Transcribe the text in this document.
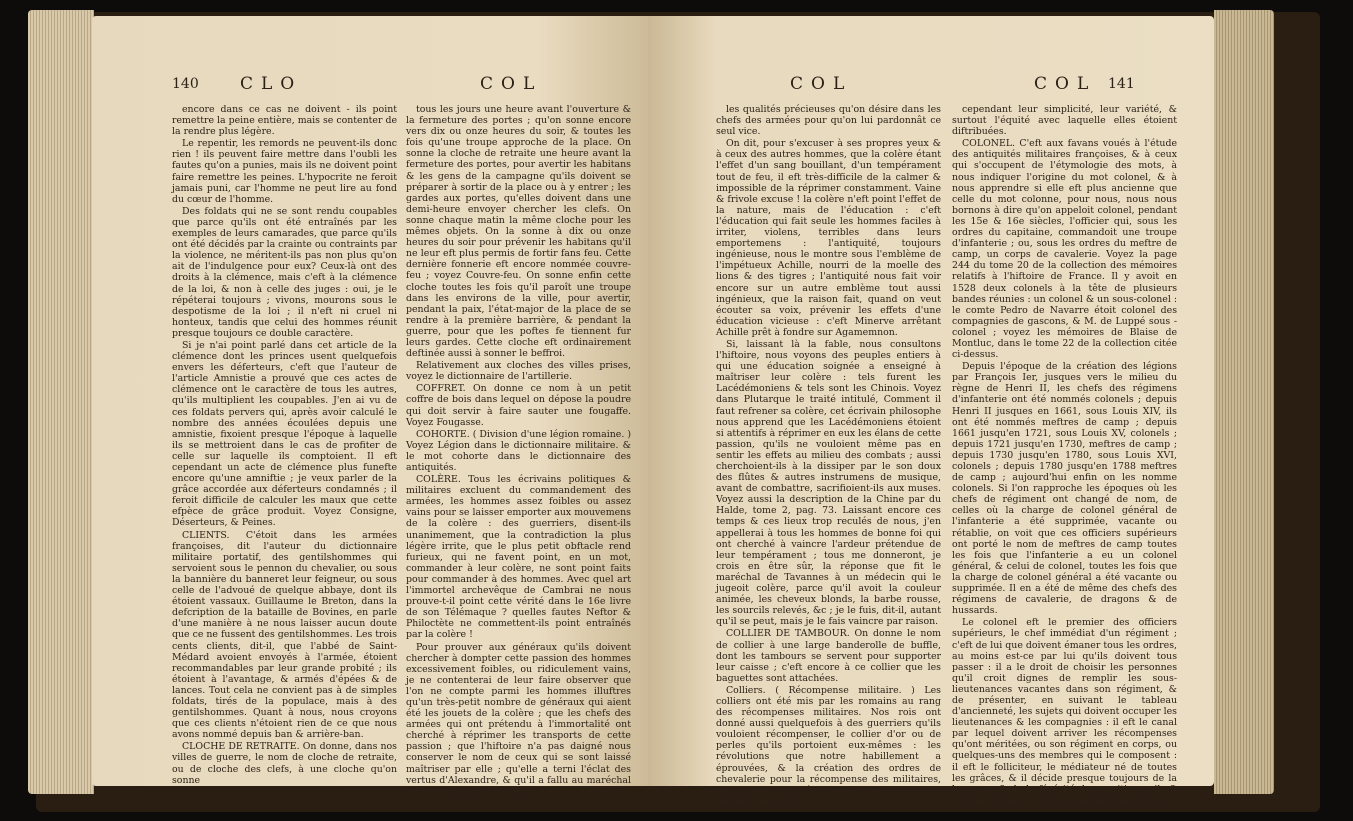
140 CLO	COL

encore dans ce cas ne doivent - ils point remettre la peine entière, mais se contenter de la rendre plus légère.

Le repentir, les remords ne peuvent-ils donc rien ! ils peuvent faire mettre dans l'oubli les fautes qu'on a punies, mais ils ne doivent point faire remettre les peines. L'hypocrite ne feroit jamais puni, car l'homme ne peut lire au fond du cœur de l'homme.

Des foldats qui ne se sont rendu coupables que parce qu'ils ont été entraînés par les exemples de leurs camarades, que parce qu'ils ont été décidés par la crainte ou contraints par la violence, ne méritent-ils pas non plus qu'on ait de l'indulgence pour eux? Ceux-là ont des droits à la clémence, mais c'eft à la clémence de la loi, & non à celle des juges : oui, je le répéterai toujours ; vivons, mourons sous le despotisme de la loi ; il n'eft ni cruel ni honteux, tandis que celui des hommes réunit presque toujours ce double caractère.

Si je n'ai point parlé dans cet article de la clémence dont les princes usent quelquefois envers les déferteurs, c'eft que l'auteur de l'article Amnistie a prouvé que ces actes de clémence ont le caractère de tous les autres, qu'ils multiplient les coupables. J'en ai vu de ces foldats pervers qui, après avoir calculé le nombre des années écoulées depuis une amnistie, fixoient presque l'époque à laquelle ils se mettroient dans le cas de profiter de celle sur laquelle ils comptoient. Il eft cependant un acte de clémence plus funefte encore qu'une amniftie ; je veux parler de la grâce accordée aux déferteurs condamnés ; il feroit difficile de calculer les maux que cette efpèce de grâce produit. Voyez Consigne, Déserteurs, & Peines.

CLIENTS. C'étoit dans les armées françoises, dit l'auteur du dictionnaire militaire portatif, des gentilshommes qui servoient sous le pennon du chevalier, ou sous la bannière du banneret leur feigneur, ou sous celle de l'advoué de quelque abbaye, dont ils étoient vassaux. Guillaume le Breton, dans la defcription de la bataille de Bovines, en parle d'une manière à ne nous laisser aucun doute que ce ne fussent des gentilshommes. Les trois cents clients, dit-il, que l'abbé de Saint-Médard avoient envoyés à l'armée, étoient recommandables par leur grande probité ; ils étoient à l'avantage, & armés d'épées & de lances. Tout cela ne convient pas à de simples foldats, tirés de la populace, mais à des gentilshommes. Quant à nous, nous croyons que ces clients n'étoient rien de ce que nous avons nommé depuis ban & arrière-ban.

CLOCHE DE RETRAITE. On donne, dans nos villes de guerre, le nom de cloche de retraite, ou de cloche des clefs, à une cloche qu'on sonne

tous les jours une heure avant l'ouverture & la fermeture des portes ; qu'on sonne encore vers dix ou onze heures du soir, & toutes les fois qu'une troupe approche de la place. On sonne la cloche de retraite une heure avant la fermeture des portes, pour avertir les habitans & les gens de la campagne qu'ils doivent se préparer à sortir de la place ou à y entrer ; les gardes aux portes, qu'elles doivent dans une demi-heure envoyer chercher les clefs. On sonne chaque matin la même cloche pour les mêmes objets. On la sonne à dix ou onze heures du soir pour prévenir les habitans qu'il ne leur eft plus permis de fortir fans feu. Cette dernière fonnerie eft encore nommée couvre-feu ; voyez Couvre-feu. On sonne enfin cette cloche toutes les fois qu'il paroît une troupe dans les environs de la ville, pour avertir, pendant la paix, l'état-major de la place de se rendre à la première barrière, & pendant la guerre, pour que les poftes fe tiennent fur leurs gardes. Cette cloche eft ordinairement deftinée aussi à sonner le beffroi.

Relativement aux cloches des villes prises, voyez le dictionnaire de l'artillerie.

COFFRET. On donne ce nom à un petit coffre de bois dans lequel on dépose la poudre qui doit servir à faire sauter une fougaffe. Voyez Fougasse.

COHORTE. ( Division d'une légion romaine. ) Voyez Légion dans le dictionnaire militaire. & le mot cohorte dans le dictionnaire des antiquités.

COLÈRE. Tous les écrivains politiques & militaires excluent du commandement des armées, les hommes assez foibles ou assez vains pour se laisser emporter aux mouvemens de la colère : des guerriers, disent-ils unanimement, que la contradiction la plus légère irrite, que le plus petit obftacle rend furieux, qui ne favent point, en un mot, commander à leur colère, ne sont point faits pour commander à des hommes. Avec quel art l'immortel archevêque de Cambrai ne nous prouve-t-il point cette vérité dans le 16e livre de son Télémaque ? quelles fautes Neftor & Philoctète ne commettent-ils point entraînés par la colère !

Pour prouver aux généraux qu'ils doivent chercher à dompter cette passion des hommes excessivement foibles, ou ridiculement vains, je ne contenterai de leur faire observer que l'on ne compte parmi les hommes illuftres qu'un très-petit nombre de généraux qui aient été les jouets de la colère ; que les chefs des armées qui ont prétendu à l'immortalité ont cherché à réprimer les transports de cette passion ; que l'hiftoire n'a pas daigné nous conserver le nom de ceux qui se sont laissé maîtriser par elle ; qu'elle a terni l'éclat des vertus d'Alexandre, & qu'il a fallu au maréchal de Toiras presque toutes

COL	COL 141

les qualités précieuses qu'on désire dans les chefs des armées pour qu'on lui pardonnât ce seul vice.

On dit, pour s'excuser à ses propres yeux & à ceux des autres hommes, que la colère étant l'effet d'un sang bouillant, d'un tempérament tout de feu, il eft très-difficile de la calmer & impossible de la réprimer constamment. Vaine & frivole excuse ! la colère n'eft point l'effet de la nature, mais de l'éducation : c'eft l'éducation qui fait seule les hommes faciles à irriter, violens, terribles dans leurs emportemens : l'antiquité, toujours ingénieuse, nous le montre sous l'emblème de l'impétueux Achille, nourri de la moelle des lions & des tigres ; l'antiquité nous fait voir encore sur un autre emblème tout aussi ingénieux, que la raison fait, quand on veut écouter sa voix, prévenir les effets d'une éducation vicieuse : c'eft Minerve arrêtant Achille prêt à fondre sur Agamemnon.

Si, laissant là la fable, nous consultons l'hiftoire, nous voyons des peuples entiers à qui une éducation soignée a enseigné à maîtriser leur colère : tels furent les Lacédémoniens & tels sont les Chinois. Voyez dans Plutarque le traité intitulé, Comment il faut refrener sa colère, cet écrivain philosophe nous apprend que les Lacédémoniens étoient si attentifs à réprimer en eux les élans de cette passion, qu'ils ne vouloient même pas en sentir les effets au milieu des combats ; aussi cherchoient-ils à la dissiper par le son doux des flûtes & autres instrumens de musique, avant de combattre, sacrifioient-ils aux muses. Voyez aussi la description de la Chine par du Halde, tome 2, pag. 73. Laissant encore ces temps & ces lieux trop reculés de nous, j'en appellerai à tous les hommes de bonne foi qui ont cherché à vaincre l'ardeur prétendue de leur tempérament ; tous me donneront, je crois en être sûr, la réponse que fit le maréchal de Tavannes à un médecin qui le jugeoit colère, parce qu'il avoit la couleur animée, les cheveux blonds, la barbe rousse, les sourcils relevés, &c ; je le fuis, dit-il, autant qu'il se peut, mais je le fais vaincre par raison.

COLLIER DE TAMBOUR. On donne le nom de collier à une large banderolle de buffle, dont les tambours se servent pour supporter leur caisse ; c'eft encore à ce collier que les baguettes sont attachées.

Colliers. ( Récompense militaire. ) Les colliers ont été mis par les romains au rang des récompenses militaires. Nos rois ont donné aussi quelquefois à des guerriers qu'ils vouloient récompenser, le collier d'or ou de perles qu'ils portoient eux-mêmes : les révolutions que notre habillement a éprouvées, & la création des ordres de chevalerie pour la récompense des militaires, ont rendu les récompenses de ce genre inutiles ; on aime

cependant leur simplicité, leur variété, & surtout l'équité avec laquelle elles étoient diftribuées.

COLONEL. C'eft aux favans voués à l'étude des antiquités militaires françoises, & à ceux qui s'occupent de l'étymologie des mots, à nous indiquer l'origine du mot colonel, & à nous apprendre si elle eft plus ancienne que celle du mot colonne, pour nous, nous nous bornons à dire qu'on appeloit colonel, pendant les 15e & 16e siècles, l'officier qui, sous les ordres du capitaine, commandoit une troupe d'infanterie ; ou, sous les ordres du meftre de camp, un corps de cavalerie. Voyez la page 244 du tome 20 de la collection des mémoires relatifs à l'hiftoire de France. Il y avoit en 1528 deux colonels à la tête de plusieurs bandes réunies : un colonel & un sous-colonel : le comte Pedro de Navarre étoit colonel des compagnies de gascons, & M. de Luppé sous - colonel ; voyez les mémoires de Blaise de Montluc, dans le tome 22 de la collection citée ci-dessus.

Depuis l'époque de la création des légions par François Ier, jusques vers le milieu du règne de Henri II, les chefs des régimens d'infanterie ont été nommés colonels ; depuis Henri II jusques en 1661, sous Louis XIV, ils ont été nommés meftres de camp ; depuis 1661 jusqu'en 1721, sous Louis XV, colonels ; depuis 1721 jusqu'en 1730, meftres de camp ; depuis 1730 jusqu'en 1780, sous Louis XVI, colonels ; depuis 1780 jusqu'en 1788 meftres de camp ; aujourd'hui enfin on les nomme colonels. Si l'on rapproche les époques où les chefs de régiment ont changé de nom, de celles où la charge de colonel général de l'infanterie a été supprimée, vacante ou rétablie, on voit que ces officiers supérieurs ont porté le nom de meftres de camp toutes les fois que l'infanterie a eu un colonel général, & celui de colonel, toutes les fois que la charge de colonel général a été vacante ou supprimée. Il en a été de même des chefs des régimens de cavalerie, de dragons & de hussards.

Le colonel eft le premier des officiers supérieurs, le chef immédiat d'un régiment ; c'eft de lui que doivent émaner tous les ordres, au moins est-ce par lui qu'ils doivent tous passer : il a le droit de choisir les personnes qu'il croit dignes de remplir les sous-lieutenances vacantes dans son régiment, & de présenter, en suivant le tableau d'ancienneté, les sujets qui doivent occuper les lieutenances & les compagnies : il eft le canal par lequel doivent arriver les récompenses qu'ont méritées, ou son régiment en corps, ou quelques-uns des membres qui le composent : il eft le folliciteur, le médiateur né de toutes les grâces, & il décide presque toujours de la longueur & de la févérité des punitions ; il eft chargé de l'instruction, de la discipline, de la
